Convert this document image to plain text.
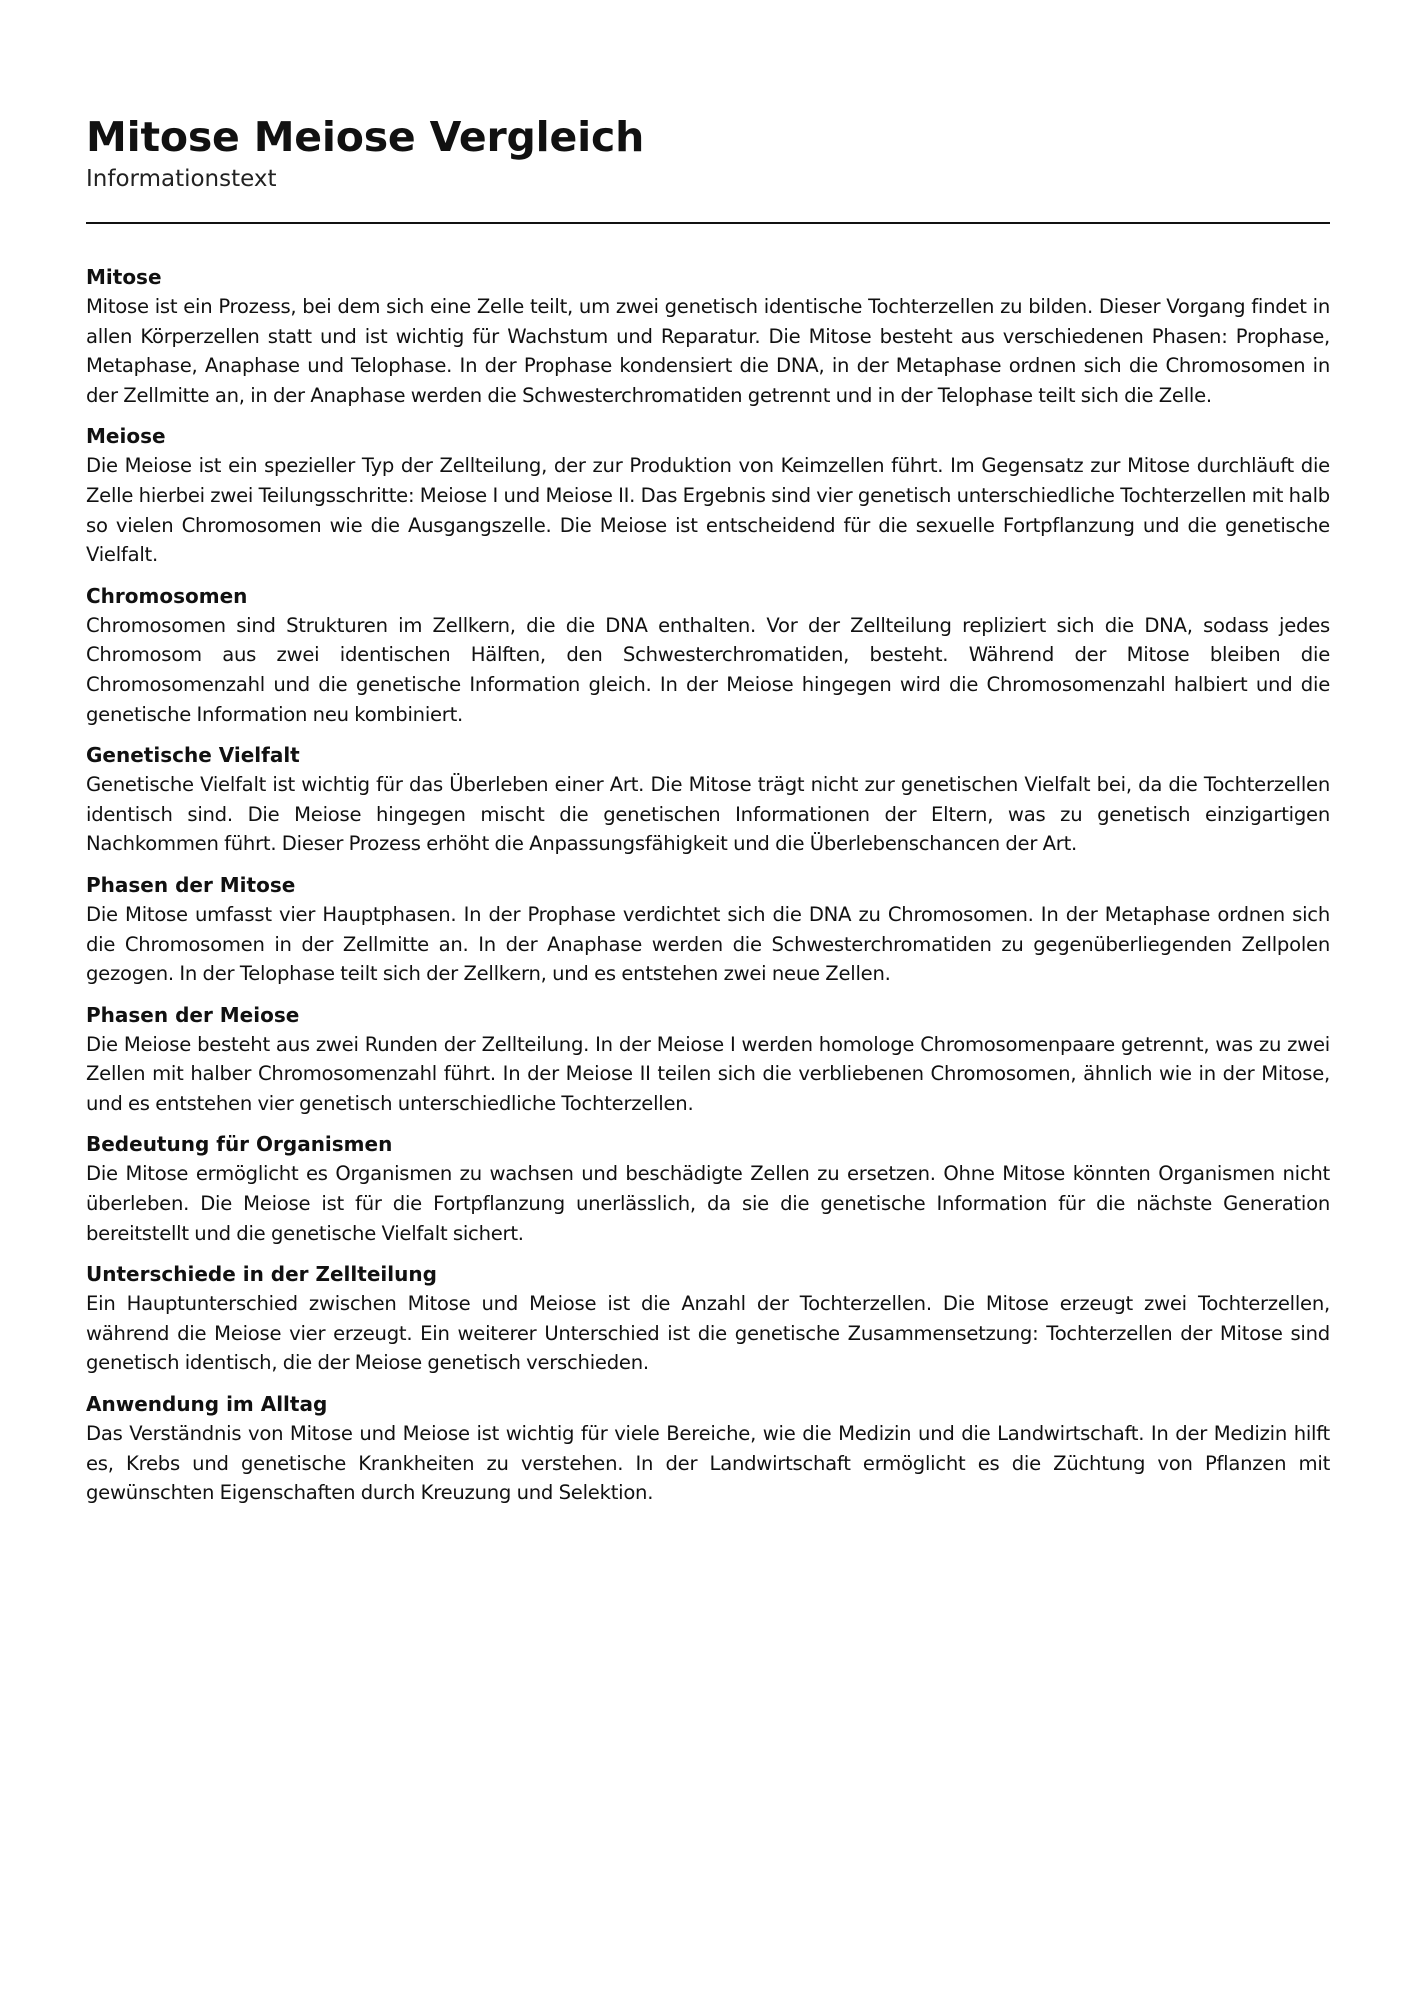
Mitose Meiose Vergleich

Informationstext

Mitose

Mitose ist ein Prozess, bei dem sich eine Zelle teilt, um zwei genetisch identische Tochterzellen zu bilden. Dieser Vorgang findet in allen Körperzellen statt und ist wichtig für Wachstum und Reparatur. Die Mitose besteht aus verschiedenen Phasen: Prophase, Metaphase, Anaphase und Telophase. In der Prophase kondensiert die DNA, in der Metaphase ordnen sich die Chromosomen in der Zellmitte an, in der Anaphase werden die Schwesterchromatiden getrennt und in der Telophase teilt sich die Zelle.

Meiose

Die Meiose ist ein spezieller Typ der Zellteilung, der zur Produktion von Keimzellen führt. Im Gegensatz zur Mitose durchläuft die Zelle hierbei zwei Teilungsschritte: Meiose I und Meiose II. Das Ergebnis sind vier genetisch unterschiedliche Tochterzellen mit halb so vielen Chromosomen wie die Ausgangszelle. Die Meiose ist entscheidend für die sexuelle Fortpflanzung und die genetische Vielfalt.

Chromosomen

Chromosomen sind Strukturen im Zellkern, die die DNA enthalten. Vor der Zellteilung repliziert sich die DNA, sodass jedes Chromosom aus zwei identischen Hälften, den Schwesterchromatiden, besteht. Während der Mitose bleiben die Chromosomenzahl und die genetische Information gleich. In der Meiose hingegen wird die Chromosomenzahl halbiert und die genetische Information neu kombiniert.

Genetische Vielfalt

Genetische Vielfalt ist wichtig für das Überleben einer Art. Die Mitose trägt nicht zur genetischen Vielfalt bei, da die Tochterzellen identisch sind. Die Meiose hingegen mischt die genetischen Informationen der Eltern, was zu genetisch einzigartigen Nachkommen führt. Dieser Prozess erhöht die Anpassungsfähigkeit und die Überlebenschancen der Art.

Phasen der Mitose

Die Mitose umfasst vier Hauptphasen. In der Prophase verdichtet sich die DNA zu Chromosomen. In der Metaphase ordnen sich die Chromosomen in der Zellmitte an. In der Anaphase werden die Schwesterchromatiden zu gegenüberliegenden Zellpolen gezogen. In der Telophase teilt sich der Zellkern, und es entstehen zwei neue Zellen.

Phasen der Meiose

Die Meiose besteht aus zwei Runden der Zellteilung. In der Meiose I werden homologe Chromosomenpaare getrennt, was zu zwei Zellen mit halber Chromosomenzahl führt. In der Meiose II teilen sich die verbliebenen Chromosomen, ähnlich wie in der Mitose, und es entstehen vier genetisch unterschiedliche Tochterzellen.

Bedeutung für Organismen

Die Mitose ermöglicht es Organismen zu wachsen und beschädigte Zellen zu ersetzen. Ohne Mitose könnten Organismen nicht überleben. Die Meiose ist für die Fortpflanzung unerlässlich, da sie die genetische Information für die nächste Generation bereitstellt und die genetische Vielfalt sichert.

Unterschiede in der Zellteilung

Ein Hauptunterschied zwischen Mitose und Meiose ist die Anzahl der Tochterzellen. Die Mitose erzeugt zwei Tochterzellen, während die Meiose vier erzeugt. Ein weiterer Unterschied ist die genetische Zusammensetzung: Tochterzellen der Mitose sind genetisch identisch, die der Meiose genetisch verschieden.

Anwendung im Alltag

Das Verständnis von Mitose und Meiose ist wichtig für viele Bereiche, wie die Medizin und die Landwirtschaft. In der Medizin hilft es, Krebs und genetische Krankheiten zu verstehen. In der Landwirtschaft ermöglicht es die Züchtung von Pflanzen mit gewünschten Eigenschaften durch Kreuzung und Selektion.
